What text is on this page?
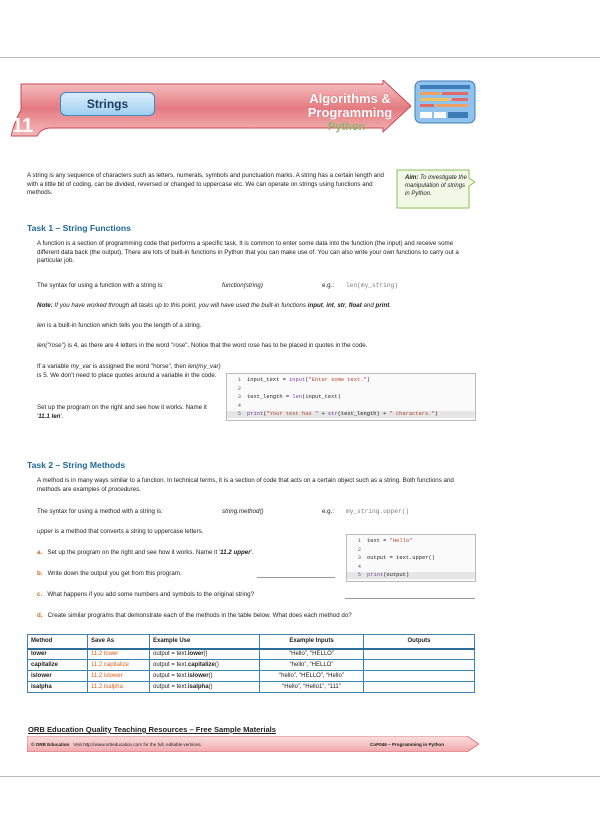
11
Strings	Algorithms &
Programming
Python
A string is any sequence of characters such as letters, numerals, symbols and punctuation marks. A string has a certain length and with a little bit of coding, can be divided, reversed or changed to uppercase etc. We can operate on strings using functions and methods.
Aim: To investigate the manipulation of strings in Python.
Task 1 – String Functions
A function is a section of programming code that performs a specific task. It is common to enter some data into the function (the input) and receive some different data back (the output). There are lots of built-in functions in Python that you can make use of. You can also write your own functions to carry out a particular job.
The syntax for using a function with a string is:	function(string)	e.g.: len(my_string)
Note: If you have worked through all tasks up to this point, you will have used the built-in functions input, int, str, float and print.
len is a built-in function which tells you the length of a string.
len("rose") is 4, as there are 4 letters in the word "rose". Notice that the word rose has to be placed in quotes in the code.
If a variable my_var is assigned the word "horse", then len(my_var) is 5. We don't need to place quotes around a variable in the code.
Set up the program on the right and see how it works. Name it '11.1 len'.
1 input_text = input("Enter some text.")
2
3 text_length = len(input_text)
4
5 print("Your text has " + str(text_length) + " characters.")
Task 2 – String Methods
A method is in many ways similar to a function. In technical terms, it is a section of code that acts on a certain object such as a string. Both functions and methods are examples of procedures.
The syntax for using a method with a string is:	string.method()	e.g.: my_string.upper()
upper is a method that converts a string to uppercase letters.
a. Set up the program on the right and see how it works. Name it '11.2 upper'.
b. Write down the output you get from this program.
c. What happens if you add some numbers and symbols to the original string?
d. Create similar programs that demonstrate each of the methods in the table below. What does each method do?
1 text = "Hello"
2
3 output = text.upper()
4
5 print(output)
Method	Save As	Example Use	Example Inputs	Outputs
lower	11.2 lower	output = text.lower()	“Hello”, “HELLO”	
capitalize	11.2 capitalize	output = text.capitalize()	“hello”, “HELLO”	
islower	11.2 islower	output = text.islower()	“hello”, “HELLO”, “Hello”	
isalpha	11.2 isalpha	output = text.isalpha()	“Hello”, “Hello1”, “111”	
ORB Education Quality Teaching Resources – Free Sample Materials
© ORB Education Visit http://www.orbeducation.com for the full, editable versions.	CoP046 – Programming in Python
